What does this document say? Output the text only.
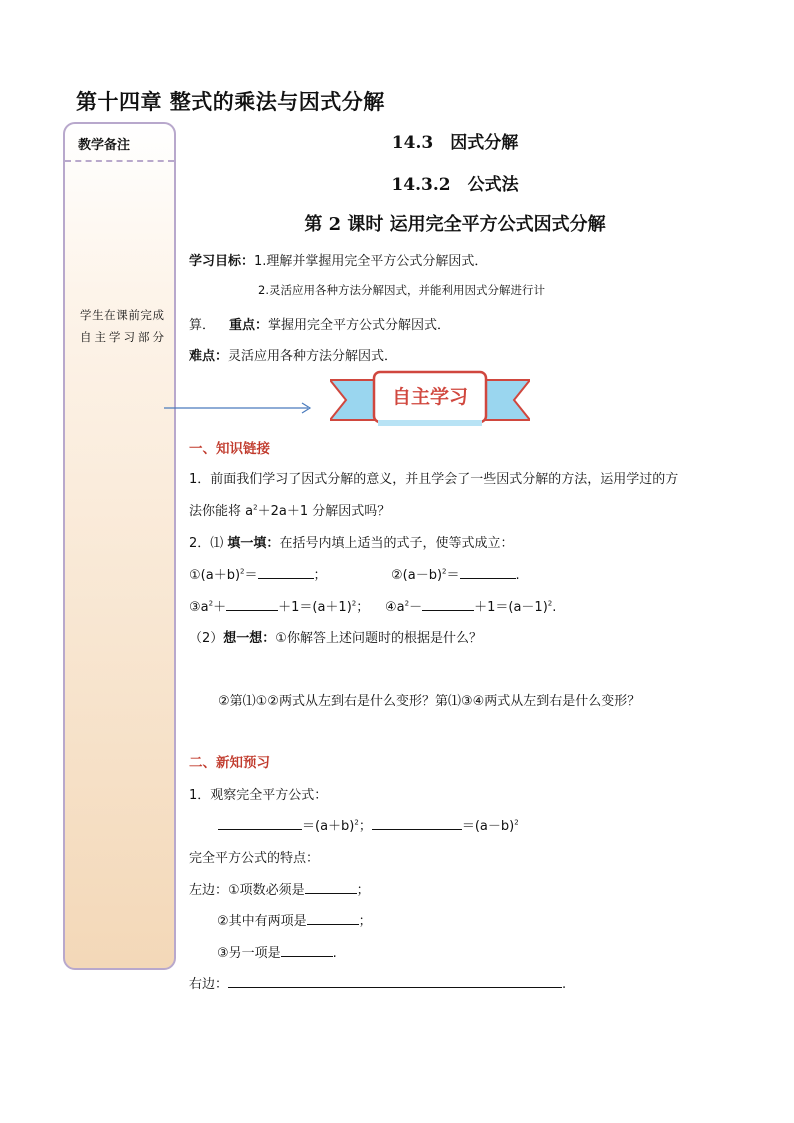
第十四章 整式的乘法与因式分解
教学备注
学生在课前完成自主学习部分
14.3　因式分解
14.3.2　公式法
第 2 课时 运用完全平方公式因式分解
学习目标：1.理解并掌握用完全平方公式分解因式．
2.灵活应用各种方法分解因式，并能利用因式分解进行计
算． 重点：掌握用完全平方公式分解因式．
难点：灵活应用各种方法分解因式．
自主学习
一、知识链接
1．前面我们学习了因式分解的意义，并且学会了一些因式分解的方法，运用学过的方
法你能将 $a^2+2a+1$ 分解因式吗？
2．⑴ 填一填：在括号内填上适当的式子，使等式成立：
$①(a+b)^2=$	；	$②(a-b)^2=$	.
$③a^2+$	$+1=(a+1)^2$； $④a^2-$	$+1=(a-1)^2$.
（2）想一想：①你解答上述问题时的根据是什么？
②第⑴①②两式从左到右是什么变形？第⑴③④两式从左到右是什么变形？
二、新知预习
1．观察完全平方公式：
$=(a+b)^2$；	$=(a-b)^2$
完全平方公式的特点：
左边：①项数必须是	；
②其中有两项是	；
③另一项是	.
右边：	.
